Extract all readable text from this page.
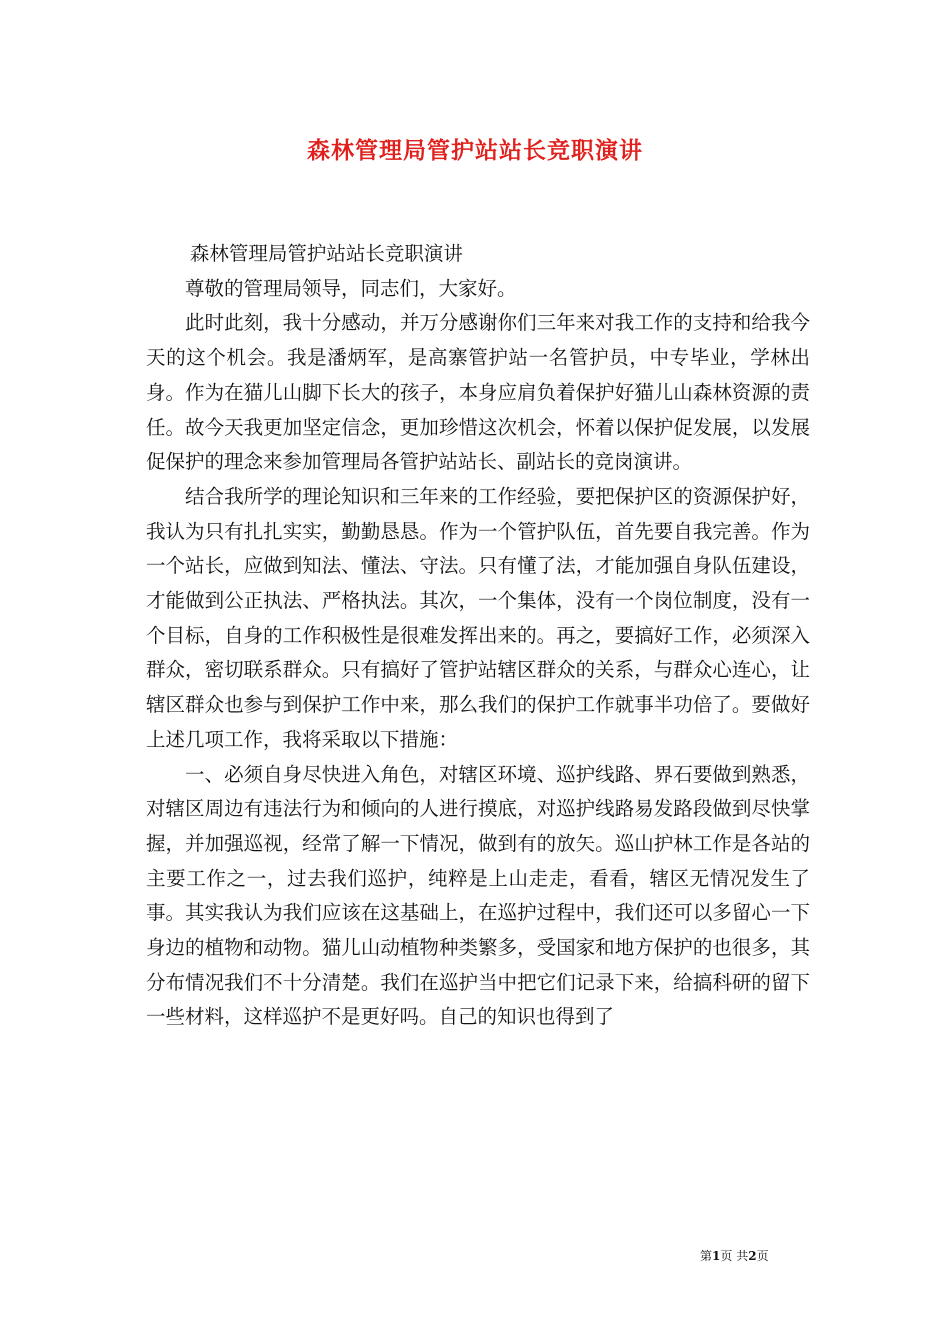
森林管理局管护站站长竞职演讲

森林管理局管护站站长竞职演讲

尊敬的管理局领导，同志们，大家好。

此时此刻，我十分感动，并万分感谢你们三年来对我工作的支持和给我今天的这个机会。我是潘炳军，是高寨管护站一名管护员，中专毕业，学林出身。作为在猫儿山脚下长大的孩子，本身应肩负着保护好猫儿山森林资源的责任。故今天我更加坚定信念，更加珍惜这次机会，怀着以保护促发展，以发展促保护的理念来参加管理局各管护站站长、副站长的竞岗演讲。

结合我所学的理论知识和三年来的工作经验，要把保护区的资源保护好，我认为只有扎扎实实，勤勤恳恳。作为一个管护队伍，首先要自我完善。作为一个站长，应做到知法、懂法、守法。只有懂了法，才能加强自身队伍建设，才能做到公正执法、严格执法。其次，一个集体，没有一个岗位制度，没有一个目标，自身的工作积极性是很难发挥出来的。再之，要搞好工作，必须深入群众，密切联系群众。只有搞好了管护站辖区群众的关系，与群众心连心，让辖区群众也参与到保护工作中来，那么我们的保护工作就事半功倍了。要做好上述几项工作，我将采取以下措施：

一、必须自身尽快进入角色，对辖区环境、巡护线路、界石要做到熟悉，对辖区周边有违法行为和倾向的人进行摸底，对巡护线路易发路段做到尽快掌握，并加强巡视，经常了解一下情况，做到有的放矢。巡山护林工作是各站的主要工作之一，过去我们巡护，纯粹是上山走走，看看，辖区无情况发生了事。其实我认为我们应该在这基础上，在巡护过程中，我们还可以多留心一下身边的植物和动物。猫儿山动植物种类繁多，受国家和地方保护的也很多，其分布情况我们不十分清楚。我们在巡护当中把它们记录下来，给搞科研的留下一些材料，这样巡护不是更好吗。自己的知识也得到了

第1页 共2页
